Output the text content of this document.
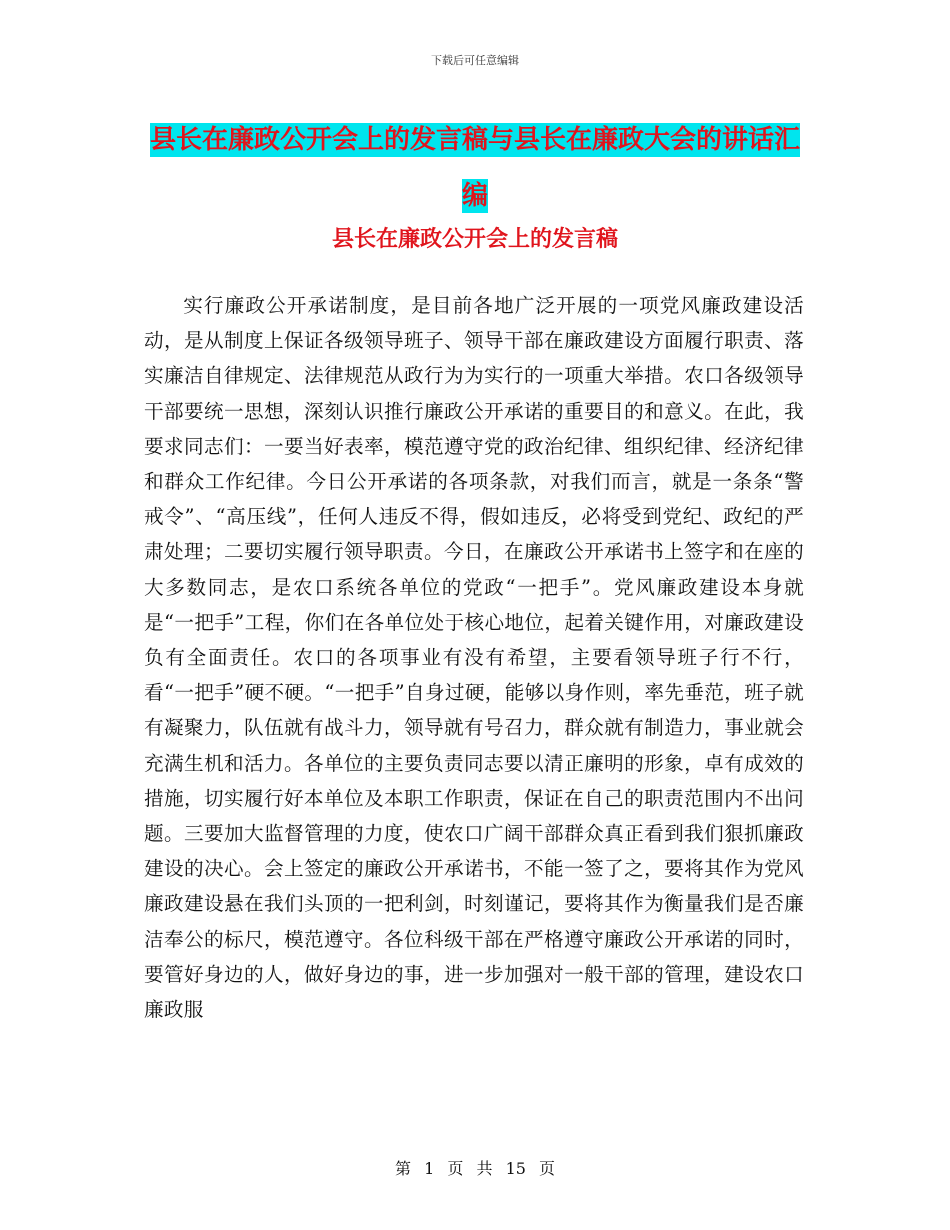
下载后可任意编辑
县长在廉政公开会上的发言稿与县长在廉政大会的讲话汇编
县长在廉政公开会上的发言稿
实行廉政公开承诺制度，是目前各地广泛开展的一项党风廉政建设活动，是从制度上保证各级领导班子、领导干部在廉政建设方面履行职责、落实廉洁自律规定、法律规范从政行为为实行的一项重大举措。农口各级领导干部要统一思想，深刻认识推行廉政公开承诺的重要目的和意义。在此，我要求同志们：一要当好表率，模范遵守党的政治纪律、组织纪律、经济纪律和群众工作纪律。今日公开承诺的各项条款，对我们而言，就是一条条“警戒令”、“高压线”，任何人违反不得，假如违反，必将受到党纪、政纪的严肃处理；二要切实履行领导职责。今日，在廉政公开承诺书上签字和在座的大多数同志，是农口系统各单位的党政“一把手”。党风廉政建设本身就是“一把手”工程，你们在各单位处于核心地位，起着关键作用，对廉政建设负有全面责任。农口的各项事业有没有希望，主要看领导班子行不行，看“一把手”硬不硬。“一把手”自身过硬，能够以身作则，率先垂范，班子就有凝聚力，队伍就有战斗力，领导就有号召力，群众就有制造力，事业就会充满生机和活力。各单位的主要负责同志要以清正廉明的形象，卓有成效的措施，切实履行好本单位及本职工作职责，保证在自己的职责范围内不出问题。三要加大监督管理的力度，使农口广阔干部群众真正看到我们狠抓廉政建设的决心。会上签定的廉政公开承诺书，不能一签了之，要将其作为党风廉政建设悬在我们头顶的一把利剑，时刻谨记，要将其作为衡量我们是否廉洁奉公的标尺，模范遵守。各位科级干部在严格遵守廉政公开承诺的同时，要管好身边的人，做好身边的事，进一步加强对一般干部的管理，建设农口廉政服
第 1 页 共 15 页
